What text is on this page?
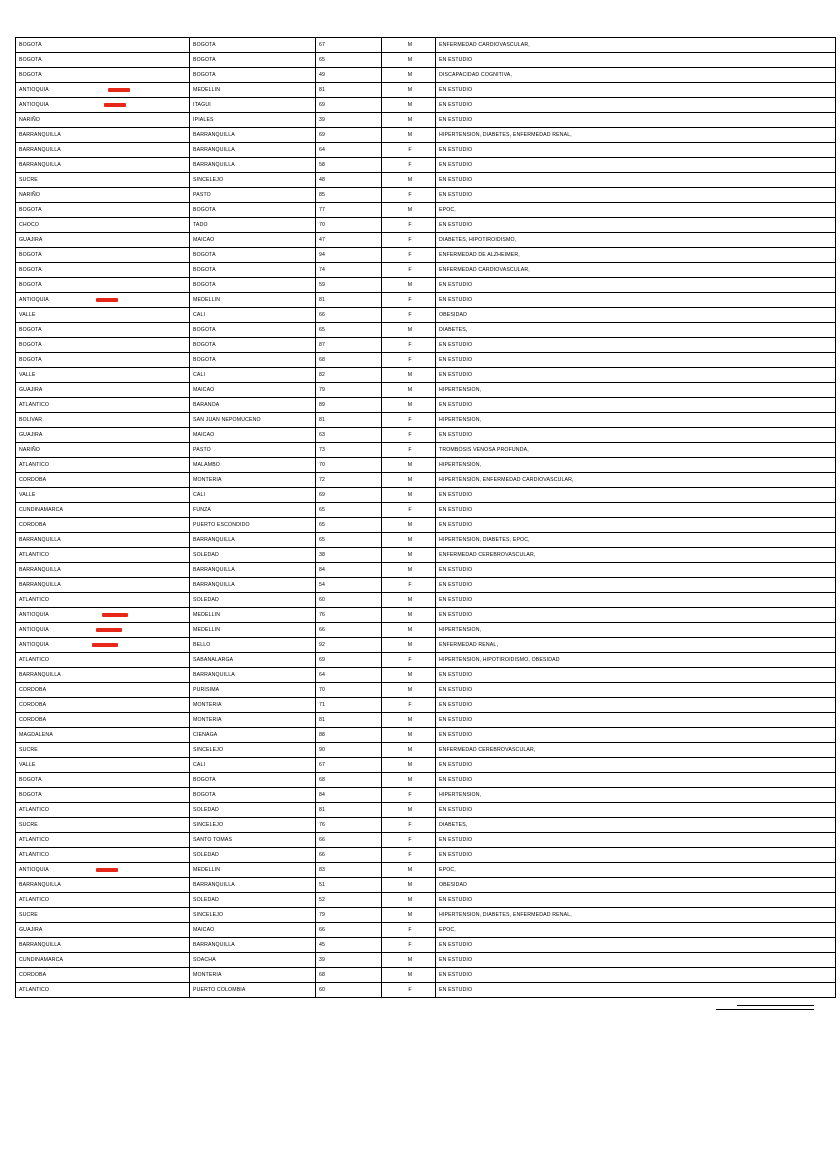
BOGOTA	BOGOTA	67	M	ENFERMEDAD CARDIOVASCULAR,
BOGOTA	BOGOTA	65	M	EN ESTUDIO
BOGOTA	BOGOTA	49	M	DISCAPACIDAD COGNITIVA,

ANTIOQUIA	MEDELLIN	81	M	EN ESTUDIO

ANTIOQUIA	ITAGUI	69	M	EN ESTUDIO
NARIÑO	IPIALES	39	M	EN ESTUDIO
BARRANQUILLA	BARRANQUILLA	69	M	HIPERTENSION, DIABETES, ENFERMEDAD RENAL,
BARRANQUILLA	BARRANQUILLA	64	F	EN ESTUDIO
BARRANQUILLA	BARRANQUILLA	58	F	EN ESTUDIO
SUCRE	SINCELEJO	48	M	EN ESTUDIO
NARIÑO	PASTO	85	F	EN ESTUDIO
BOGOTA	BOGOTA	77	M	EPOC,
CHOCO	TADO	70	F	EN ESTUDIO
GUAJIRA	MAICAO	47	F	DIABETES, HIPOTIROIDISMO,
BOGOTA	BOGOTA	94	F	ENFERMEDAD DE ALZHEIMER,
BOGOTA	BOGOTA	74	F	ENFERMEDAD CARDIOVASCULAR,
BOGOTA	BOGOTA	59	M	EN ESTUDIO

ANTIOQUIA	MEDELLIN	81	F	EN ESTUDIO
VALLE	CALI	66	F	OBESIDAD
BOGOTA	BOGOTA	65	M	DIABETES,
BOGOTA	BOGOTA	87	F	EN ESTUDIO
BOGOTA	BOGOTA	68	F	EN ESTUDIO
VALLE	CALI	82	M	EN ESTUDIO
GUAJIRA	MAICAO	79	M	HIPERTENSION,
ATLANTICO	BARANOA	89	M	EN ESTUDIO
BOLIVAR	SAN JUAN NEPOMUCENO	81	F	HIPERTENSION,
GUAJIRA	MAICAO	63	F	EN ESTUDIO
NARIÑO	PASTO	73	F	TROMBOSIS VENOSA PROFUNDA,
ATLANTICO	MALAMBO	70	M	HIPERTENSION,
CORDOBA	MONTERIA	72	M	HIPERTENSION, ENFERMEDAD CARDIOVASCULAR,
VALLE	CALI	69	M	EN ESTUDIO
CUNDINAMARCA	FUNZA	65	F	EN ESTUDIO
CORDOBA	PUERTO ESCONDIDO	65	M	EN ESTUDIO
BARRANQUILLA	BARRANQUILLA	65	M	HIPERTENSION, DIABETES, EPOC,
ATLANTICO	SOLEDAD	38	M	ENFERMEDAD CEREBROVASCULAR,
BARRANQUILLA	BARRANQUILLA	84	M	EN ESTUDIO
BARRANQUILLA	BARRANQUILLA	54	F	EN ESTUDIO
ATLANTICO	SOLEDAD	60	M	EN ESTUDIO

ANTIOQUIA	MEDELLIN	76	M	EN ESTUDIO

ANTIOQUIA	MEDELLIN	66	M	HIPERTENSION,

ANTIOQUIA	BELLO	92	M	ENFERMEDAD RENAL,
ATLANTICO	SABANALARGA	69	F	HIPERTENSION, HIPOTIROIDISMO, OBESIDAD
BARRANQUILLA	BARRANQUILLA	64	M	EN ESTUDIO
CORDOBA	PURISIMA	70	M	EN ESTUDIO
CORDOBA	MONTERIA	71	F	EN ESTUDIO
CORDOBA	MONTERIA	81	M	EN ESTUDIO
MAGDALENA	CIENAGA	88	M	EN ESTUDIO
SUCRE	SINCELEJO	90	M	ENFERMEDAD CEREBROVASCULAR,
VALLE	CALI	67	M	EN ESTUDIO
BOGOTA	BOGOTA	68	M	EN ESTUDIO
BOGOTA	BOGOTA	84	F	HIPERTENSION,
ATLANTICO	SOLEDAD	81	M	EN ESTUDIO
SUCRE	SINCELEJO	76	F	DIABETES,
ATLANTICO	SANTO TOMAS	66	F	EN ESTUDIO
ATLANTICO	SOLEDAD	66	F	EN ESTUDIO

ANTIOQUIA	MEDELLIN	83	M	EPOC,
BARRANQUILLA	BARRANQUILLA	51	M	OBESIDAD
ATLANTICO	SOLEDAD	52	M	EN ESTUDIO
SUCRE	SINCELEJO	79	M	HIPERTENSION, DIABETES, ENFERMEDAD RENAL,
GUAJIRA	MAICAO	66	F	EPOC,
BARRANQUILLA	BARRANQUILLA	45	F	EN ESTUDIO
CUNDINAMARCA	SOACHA	39	M	EN ESTUDIO
CORDOBA	MONTERIA	68	M	EN ESTUDIO
ATLANTICO	PUERTO COLOMBIA	60	F	EN ESTUDIO
